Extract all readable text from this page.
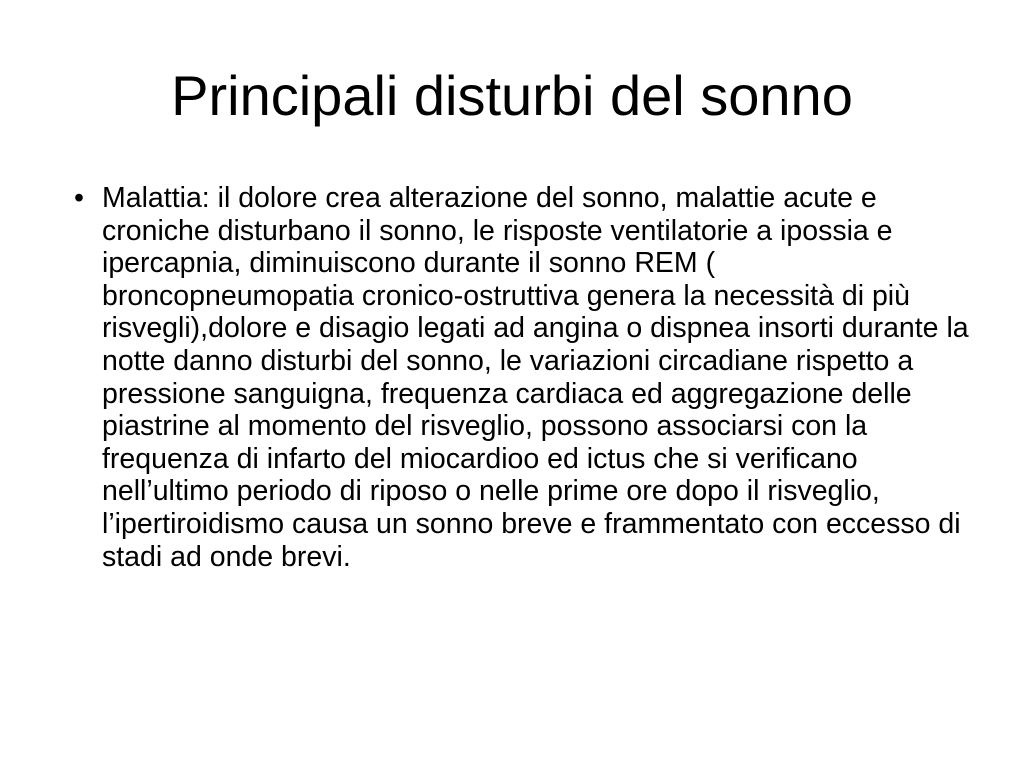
Principali disturbi del sonno
• Malattia: il dolore crea alterazione del sonno, malattie acute e croniche disturbano il sonno, le risposte ventilatorie a ipossia e ipercapnia, diminuiscono durante il sonno REM ( broncopneumopatia cronico-ostruttiva genera la necessità di più risvegli),dolore e disagio legati ad angina o dispnea insorti durante la notte danno disturbi del sonno, le variazioni circadiane rispetto a pressione sanguigna, frequenza cardiaca ed aggregazione delle piastrine al momento del risveglio, possono associarsi con la frequenza di infarto del miocardioo ed ictus che si verificano nell’ultimo periodo di riposo o nelle prime ore dopo il risveglio, l’ipertiroidismo causa un sonno breve e frammentato con eccesso di stadi ad onde brevi.
